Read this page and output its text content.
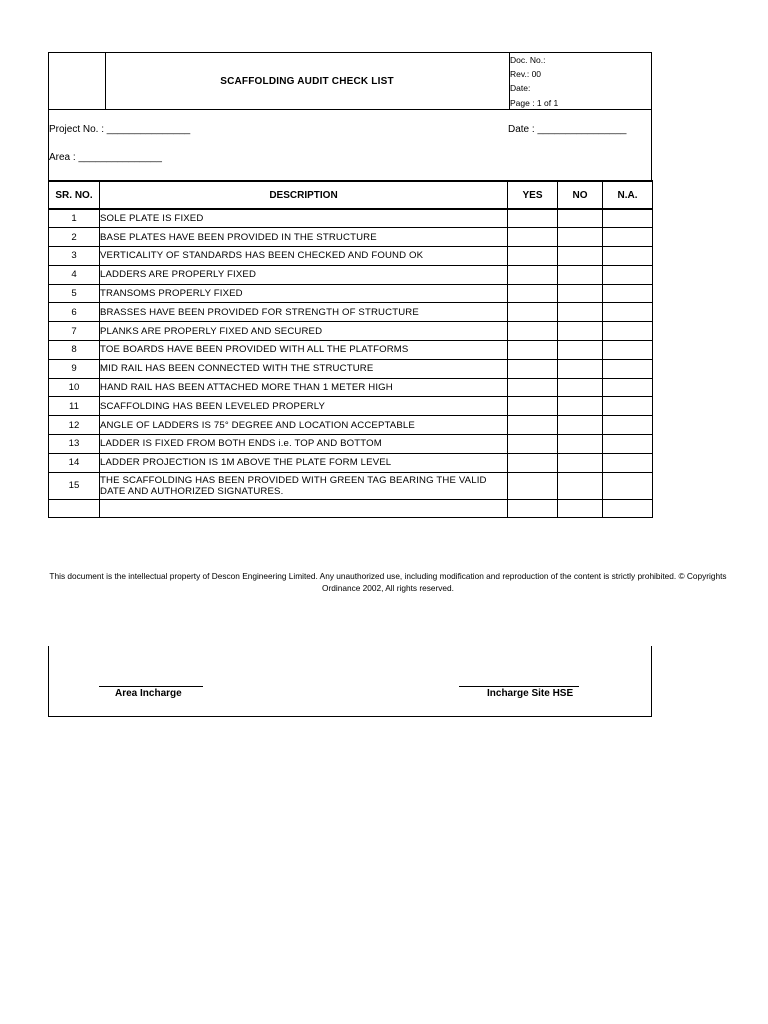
SCAFFOLDING AUDIT CHECK LIST
Doc. No.:
Rev.: 00
Date:
Page : 1 of 1
Project No. : _______________	Date : ________________
Area : _______________
SR. NO.	DESCRIPTION	YES	NO	N.A.
1	SOLE PLATE IS FIXED			
2	BASE PLATES HAVE BEEN PROVIDED IN THE STRUCTURE			
3	VERTICALITY OF STANDARDS HAS BEEN CHECKED AND FOUND OK			
4	LADDERS ARE PROPERLY FIXED			
5	TRANSOMS PROPERLY FIXED			
6	BRASSES HAVE BEEN PROVIDED FOR STRENGTH OF STRUCTURE			
7	PLANKS ARE PROPERLY FIXED AND SECURED			
8	TOE BOARDS HAVE BEEN PROVIDED WITH ALL THE PLATFORMS			
9	MID RAIL HAS BEEN CONNECTED WITH THE STRUCTURE			
10	HAND RAIL HAS BEEN ATTACHED MORE THAN 1 METER HIGH			
11	SCAFFOLDING HAS BEEN LEVELED PROPERLY			
12	ANGLE OF LADDERS IS 75° DEGREE AND LOCATION ACCEPTABLE			
13	LADDER IS FIXED FROM BOTH ENDS i.e. TOP AND BOTTOM			
14	LADDER PROJECTION IS 1M ABOVE THE PLATE FORM LEVEL			
15	THE SCAFFOLDING HAS BEEN PROVIDED WITH GREEN TAG BEARING THE VALID DATE AND AUTHORIZED SIGNATURES.			

This document is the intellectual property of Descon Engineering Limited. Any unauthorized use, including modification and reproduction of the content is strictly prohibited. © Copyrights Ordinance 2002, All rights reserved.
Area Incharge	Incharge Site HSE
